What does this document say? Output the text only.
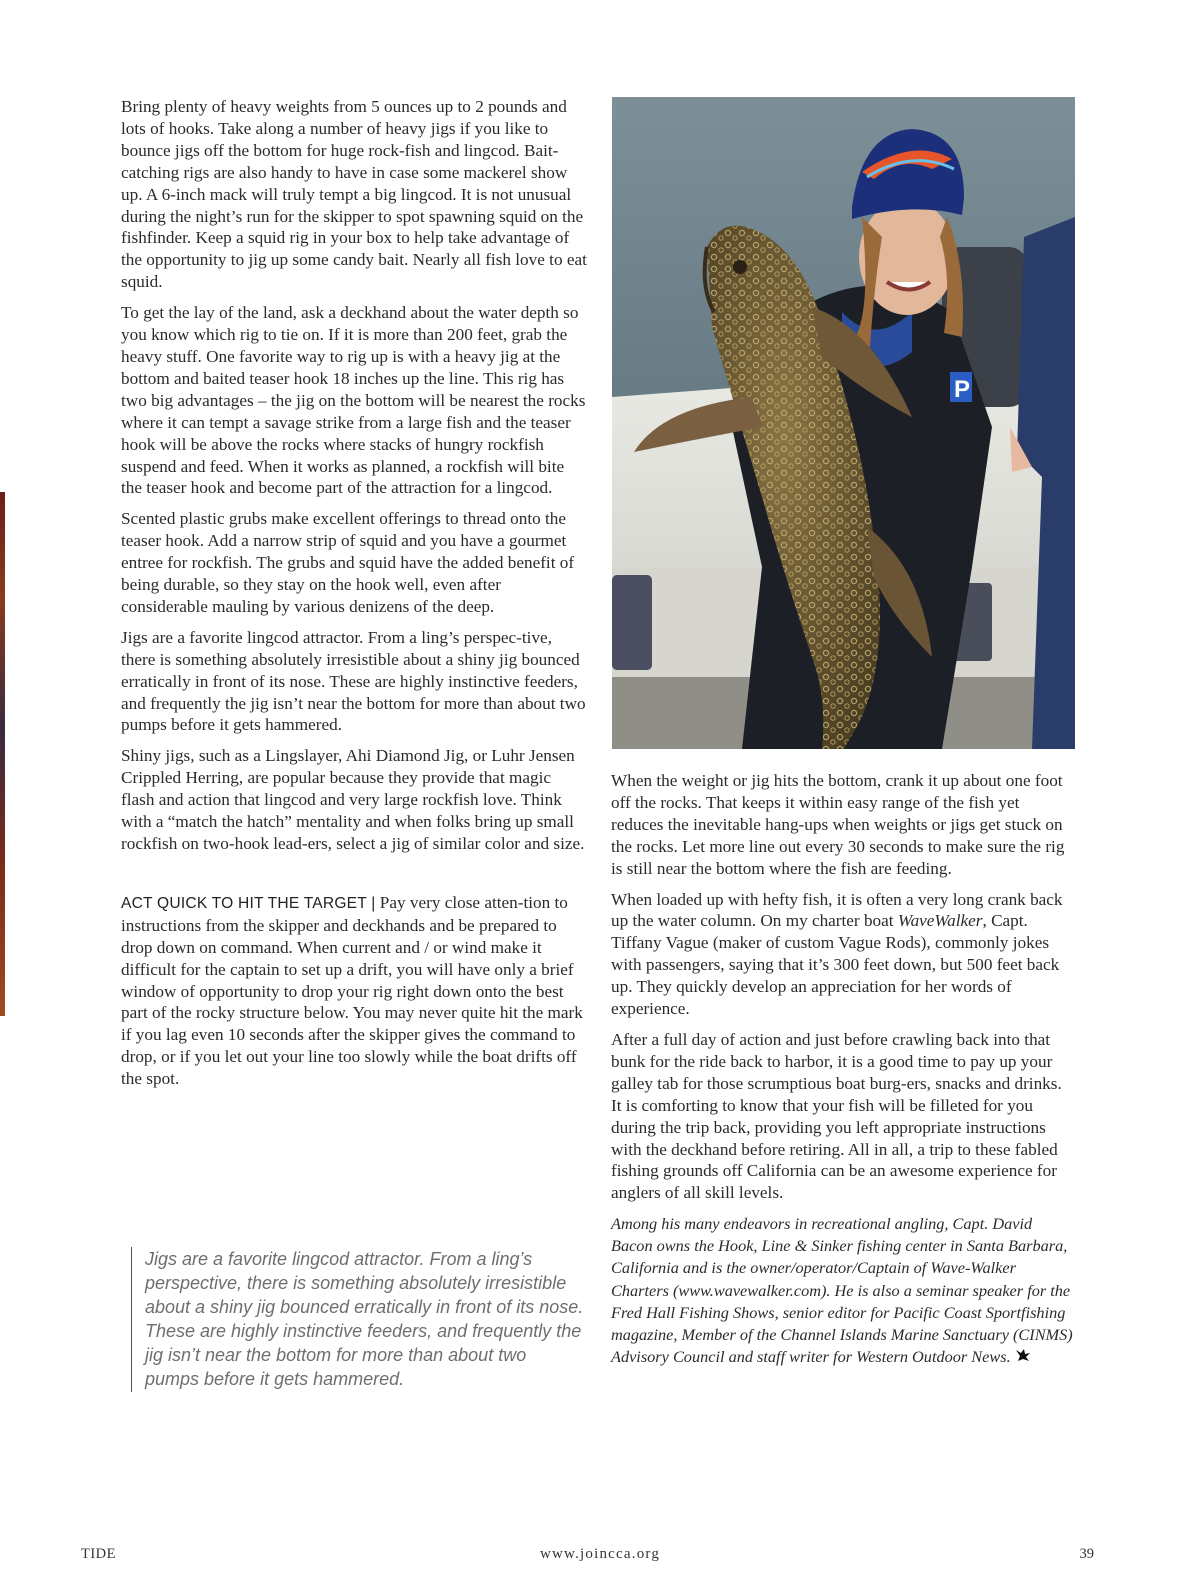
Bring plenty of heavy weights from 5 ounces up to 2 pounds and lots of hooks. Take along a number of heavy jigs if you like to bounce jigs off the bottom for huge rock-fish and lingcod. Bait-catching rigs are also handy to have in case some mackerel show up. A 6-inch mack will truly tempt a big lingcod. It is not unusual during the night’s run for the skipper to spot spawning squid on the fishfinder. Keep a squid rig in your box to help take advantage of the opportunity to jig up some candy bait. Nearly all fish love to eat squid.

To get the lay of the land, ask a deckhand about the water depth so you know which rig to tie on. If it is more than 200 feet, grab the heavy stuff. One favorite way to rig up is with a heavy jig at the bottom and baited teaser hook 18 inches up the line. This rig has two big advantages – the jig on the bottom will be nearest the rocks where it can tempt a savage strike from a large fish and the teaser hook will be above the rocks where stacks of hungry rockfish suspend and feed. When it works as planned, a rockfish will bite the teaser hook and become part of the attraction for a lingcod.

Scented plastic grubs make excellent offerings to thread onto the teaser hook. Add a narrow strip of squid and you have a gourmet entree for rockfish. The grubs and squid have the added benefit of being durable, so they stay on the hook well, even after considerable mauling by various denizens of the deep.

Jigs are a favorite lingcod attractor. From a ling’s perspec-tive, there is something absolutely irresistible about a shiny jig bounced erratically in front of its nose. These are highly instinctive feeders, and frequently the jig isn’t near the bottom for more than about two pumps before it gets hammered.

Shiny jigs, such as a Lingslayer, Ahi Diamond Jig, or Luhr Jensen Crippled Herring, are popular because they provide that magic flash and action that lingcod and very large rockfish love. Think with a “match the hatch” mentality and when folks bring up small rockfish on two-hook lead-ers, select a jig of similar color and size.

ACT QUICK TO HIT THE TARGET | Pay very close atten-tion to instructions from the skipper and deckhands and be prepared to drop down on command. When current and / or wind make it difficult for the captain to set up a drift, you will have only a brief window of opportunity to drop your rig right down onto the best part of the rocky structure below. You may never quite hit the mark if you lag even 10 seconds after the skipper gives the command to drop, or if you let out your line too slowly while the boat drifts off the spot.

Jigs are a favorite lingcod attractor. From a ling’s perspective, there is something absolutely irresistible about a shiny jig bounced erratically in front of its nose. These are highly instinctive feeders, and frequently the jig isn’t near the bottom for more than about two pumps before it gets hammered.
P

When the weight or jig hits the bottom, crank it up about one foot off the rocks. That keeps it within easy range of the fish yet reduces the inevitable hang-ups when weights or jigs get stuck on the rocks. Let more line out every 30 seconds to make sure the rig is still near the bottom where the fish are feeding.

When loaded up with hefty fish, it is often a very long crank back up the water column. On my charter boat WaveWalker, Capt. Tiffany Vague (maker of custom Vague Rods), commonly jokes with passengers, saying that it’s 300 feet down, but 500 feet back up. They quickly develop an appreciation for her words of experience.

After a full day of action and just before crawling back into that bunk for the ride back to harbor, it is a good time to pay up your galley tab for those scrumptious boat burg-ers, snacks and drinks. It is comforting to know that your fish will be filleted for you during the trip back, providing you left appropriate instructions with the deckhand before retiring. All in all, a trip to these fabled fishing grounds off California can be an awesome experience for anglers of all skill levels.

Among his many endeavors in recreational angling, Capt. David Bacon owns the Hook, Line & Sinker fishing center in Santa Barbara, California and is the owner/operator/Captain of Wave-Walker Charters (www.wavewalker.com). He is also a seminar speaker for the Fred Hall Fishing Shows, senior editor for Pacific Coast Sportfishing magazine, Member of the Channel Islands Marine Sanctuary (CINMS) Advisory Council and staff writer for Western Outdoor News.

TIDE	www.joincca.org	39
